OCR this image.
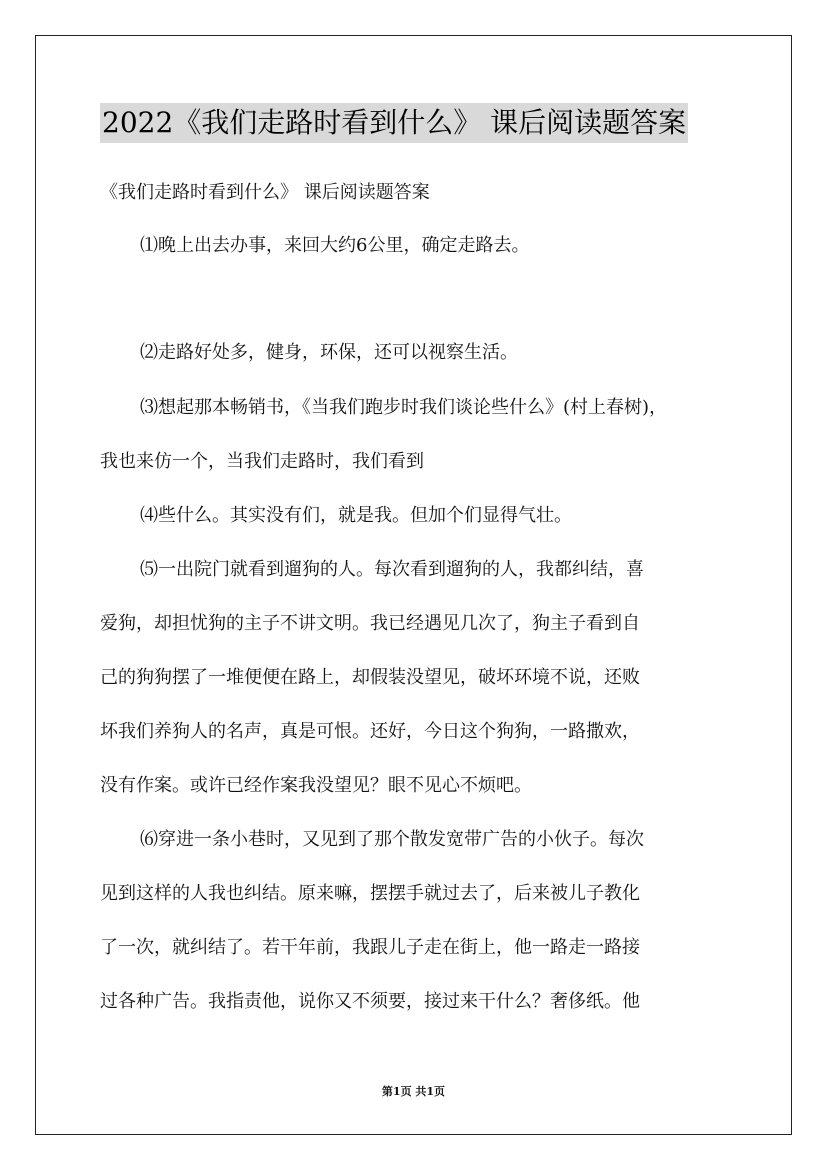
2022《我们走路时看到什么》 课后阅读题答案
《我们走路时看到什么》 课后阅读题答案
⑴晚上出去办事，来回大约6公里，确定走路去。
⑵走路好处多，健身，环保，还可以视察生活。
⑶想起那本畅销书，《当我们跑步时我们谈论些什么》(村上春树)，
我也来仿一个，当我们走路时，我们看到
⑷些什么。其实没有们，就是我。但加个们显得气壮。
⑸一出院门就看到遛狗的人。每次看到遛狗的人，我都纠结，喜
爱狗，却担忧狗的主子不讲文明。我已经遇见几次了，狗主子看到自
己的狗狗摆了一堆便便在路上，却假装没望见，破坏环境不说，还败
坏我们养狗人的名声，真是可恨。还好，今日这个狗狗，一路撒欢，
没有作案。或许已经作案我没望见？眼不见心不烦吧。
⑹穿进一条小巷时，又见到了那个散发宽带广告的小伙子。每次
见到这样的人我也纠结。原来嘛，摆摆手就过去了，后来被儿子教化
了一次，就纠结了。若干年前，我跟儿子走在街上，他一路走一路接
过各种广告。我指责他，说你又不须要，接过来干什么？奢侈纸。他
第1页 共1页
